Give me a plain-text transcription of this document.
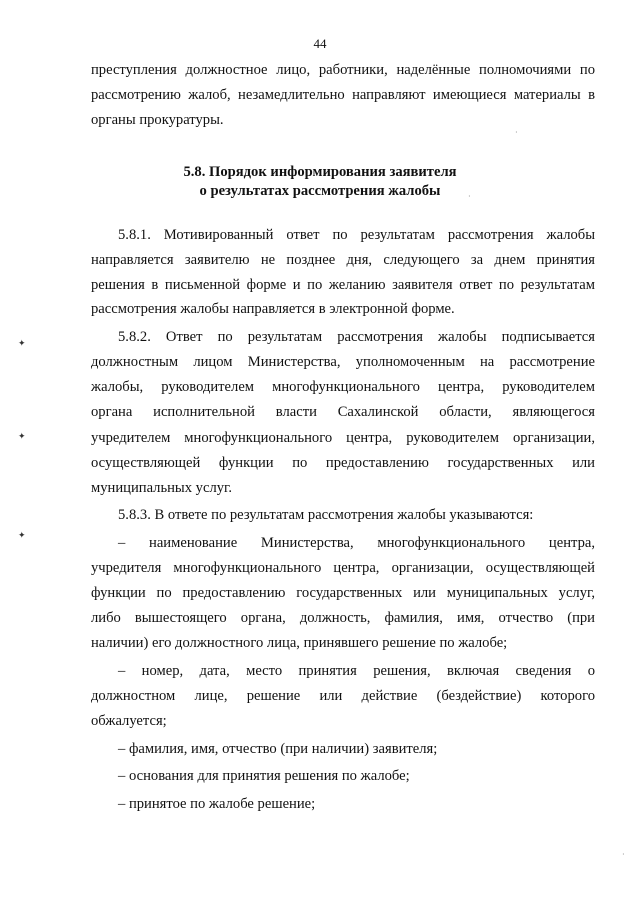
44
преступления должностное лицо, работники, наделённые полномочиями по
рассмотрению жалоб, незамедлительно направляют имеющиеся материалы в
органы прокуратуры.
5.8. Порядок информирования заявителя
о результатах рассмотрения жалобы
5.8.1. Мотивированный ответ по результатам рассмотрения жалобы
направляется заявителю не позднее дня, следующего за днем принятия
решения в письменной форме и по желанию заявителя ответ по результатам
рассмотрения жалобы направляется в электронной форме.
5.8.2. Ответ по результатам рассмотрения жалобы подписывается
должностным лицом Министерства, уполномоченным на рассмотрение
жалобы, руководителем многофункционального центра, руководителем
органа исполнительной власти Сахалинской области, являющегося
учредителем многофункционального центра, руководителем организации,
осуществляющей функции по предоставлению государственных или
муниципальных услуг.
5.8.3. В ответе по результатам рассмотрения жалобы указываются:
– наименование Министерства, многофункционального центра,
учредителя многофункционального центра, организации, осуществляющей
функции по предоставлению государственных или муниципальных услуг,
либо вышестоящего органа, должность, фамилия, имя, отчество (при
наличии) его должностного лица, принявшего решение по жалобе;
– номер, дата, место принятия решения, включая сведения о
должностном лице, решение или действие (бездействие) которого
обжалуется;
– фамилия, имя, отчество (при наличии) заявителя;
– основания для принятия решения по жалобе;
– принятое по жалобе решение;
✦
✦
✦
·
·
·
